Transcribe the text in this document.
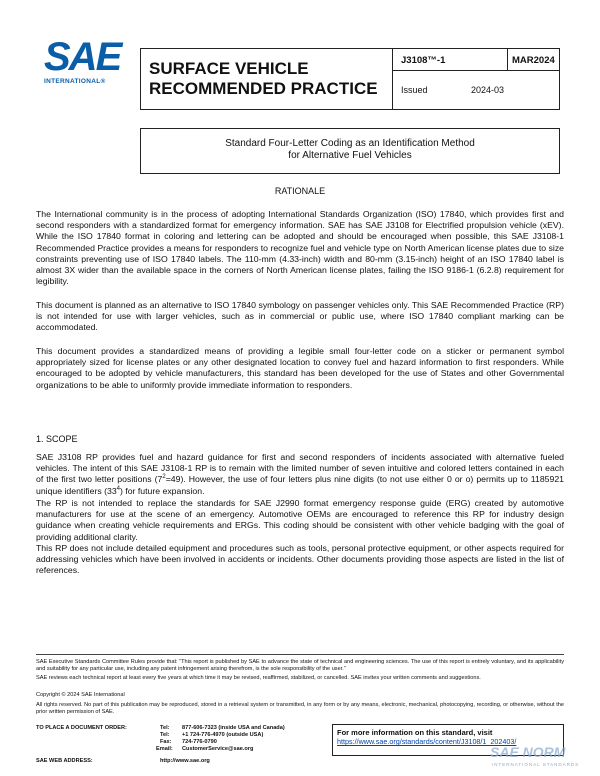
SAE
INTERNATIONAL®
SURFACE VEHICLE
RECOMMENDED PRACTICE
J3108™-1	MAR2024
Issued	2024-03
Standard Four-Letter Coding as an Identification Method
for Alternative Fuel Vehicles
RATIONALE
The International community is in the process of adopting International Standards Organization (ISO) 17840, which provides first and second responders with a standardized format for emergency information. SAE has SAE J3108 for Electrified propulsion vehicle (xEV). While the ISO 17840 format in coloring and lettering can be adopted and should be encouraged when possible, this SAE J3108-1 Recommended Practice provides a means for responders to recognize fuel and vehicle type on North American license plates due to size constraints preventing use of ISO 17840 labels. The 110-mm (4.33-inch) width and 80-mm (3.15-inch) height of an ISO 17840 label is almost 3X wider than the available space in the corners of North American license plates, failing the ISO 9186-1 (6.2.8) requirement for legibility.
This document is planned as an alternative to ISO 17840 symbology on passenger vehicles only. This SAE Recommended Practice (RP) is not intended for use with larger vehicles, such as in commercial or public use, where ISO 17840 compliant marking can be accommodated.
This document provides a standardized means of providing a legible small four-letter code on a sticker or permanent symbol appropriately sized for license plates or any other designated location to convey fuel and hazard information to first responders. While encouraged to be adopted by vehicle manufacturers, this standard has been developed for the use of States and other Governmental organizations to be able to uniformly provide immediate information to responders.
1. SCOPE
SAE J3108 RP provides fuel and hazard guidance for first and second responders of incidents associated with alternative fueled vehicles. The intent of this SAE J3108-1 RP is to remain with the limited number of seven intuitive and colored letters contained in each of the first two letter positions $(7^2=49)$. However, the use of four letters plus nine digits (to not use either 0 or o) permits up to 1185921 unique identifiers $(33^4)$ for future expansion.
The RP is not intended to replace the standards for SAE J2990 format emergency response guide (ERG) created by automotive manufacturers for use at the scene of an emergency. Automotive OEMs are encouraged to reference this RP for industry design guidance when creating vehicle requirements and ERGs. This coding should be consistent with other vehicle badging with the goal of providing additional clarity.
This RP does not include detailed equipment and procedures such as tools, personal protective equipment, or other aspects required for addressing vehicles which have been involved in accidents or incidents. Other documents providing those aspects are listed in the list of references.
SAE Executive Standards Committee Rules provide that: “This report is published by SAE to advance the state of technical and engineering sciences. The use of this report is entirely voluntary, and its applicability and suitability for any particular use, including any patent infringement arising therefrom, is the sole responsibility of the user.”
SAE reviews each technical report at least every five years at which time it may be revised, reaffirmed, stabilized, or cancelled. SAE invites your written comments and suggestions.
Copyright © 2024 SAE International
All rights reserved. No part of this publication may be reproduced, stored in a retrieval system or transmitted, in any form or by any means, electronic, mechanical, photocopying, recording, or otherwise, without the prior written permission of SAE.
TO PLACE A DOCUMENT ORDER:	Tel: 877-606-7323 (inside USA and Canada)
Tel: +1 724-776-4970 (outside USA)
Fax: 724-776-0790
Email: CustomerService@sae.org
SAE WEB ADDRESS:	http://www.sae.org
For more information on this standard, visit
https://www.sae.org/standards/content/J3108/1_202403/
SAE NORM
INTERNATIONAL STANDARDS
